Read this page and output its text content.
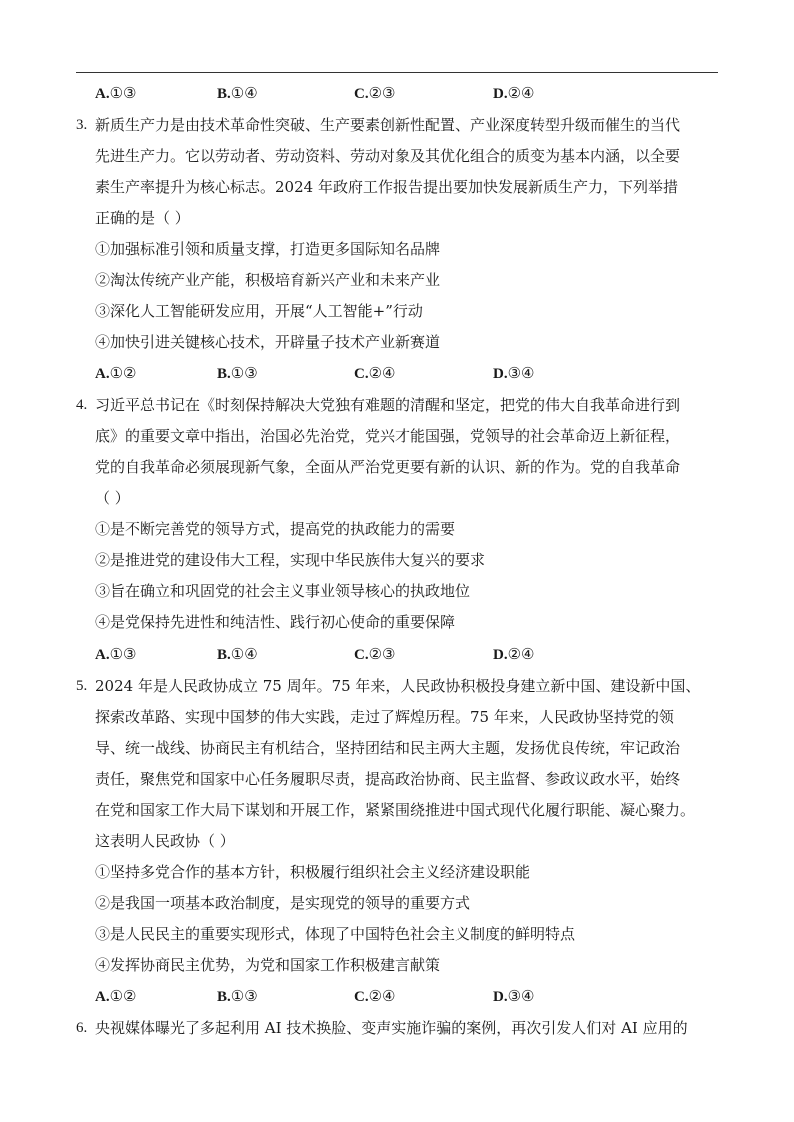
A.①③	B.①④	C.②③	D.②④
3. 新质生产力是由技术革命性突破、生产要素创新性配置、产业深度转型升级而催生的当代
先进生产力。它以劳动者、劳动资料、劳动对象及其优化组合的质变为基本内涵，以全要
素生产率提升为核心标志。2024 年政府工作报告提出要加快发展新质生产力，下列举措
正确的是（ ）
①加强标准引领和质量支撑，打造更多国际知名品牌
②淘汰传统产业产能，积极培育新兴产业和未来产业
③深化人工智能研发应用，开展“人工智能+”行动
④加快引进关键核心技术，开辟量子技术产业新赛道
A.①②	B.①③	C.②④	D.③④
4. 习近平总书记在《时刻保持解决大党独有难题的清醒和坚定，把党的伟大自我革命进行到
底》的重要文章中指出，治国必先治党，党兴才能国强，党领导的社会革命迈上新征程，
党的自我革命必须展现新气象，全面从严治党更要有新的认识、新的作为。党的自我革命
（ ）
①是不断完善党的领导方式，提高党的执政能力的需要
②是推进党的建设伟大工程，实现中华民族伟大复兴的要求
③旨在确立和巩固党的社会主义事业领导核心的执政地位
④是党保持先进性和纯洁性、践行初心使命的重要保障
A.①③	B.①④	C.②③	D.②④
5. 2024 年是人民政协成立 75 周年。75 年来，人民政协积极投身建立新中国、建设新中国、
探索改革路、实现中国梦的伟大实践，走过了辉煌历程。75 年来，人民政协坚持党的领
导、统一战线、协商民主有机结合，坚持团结和民主两大主题，发扬优良传统，牢记政治
责任，聚焦党和国家中心任务履职尽责，提高政治协商、民主监督、参政议政水平，始终
在党和国家工作大局下谋划和开展工作，紧紧围绕推进中国式现代化履行职能、凝心聚力。
这表明人民政协（ ）
①坚持多党合作的基本方针，积极履行组织社会主义经济建设职能
②是我国一项基本政治制度，是实现党的领导的重要方式
③是人民民主的重要实现形式，体现了中国特色社会主义制度的鲜明特点
④发挥协商民主优势，为党和国家工作积极建言献策
A.①②	B.①③	C.②④	D.③④
6. 央视媒体曝光了多起利用 AI 技术换脸、变声实施诈骗的案例，再次引发人们对 AI 应用的
